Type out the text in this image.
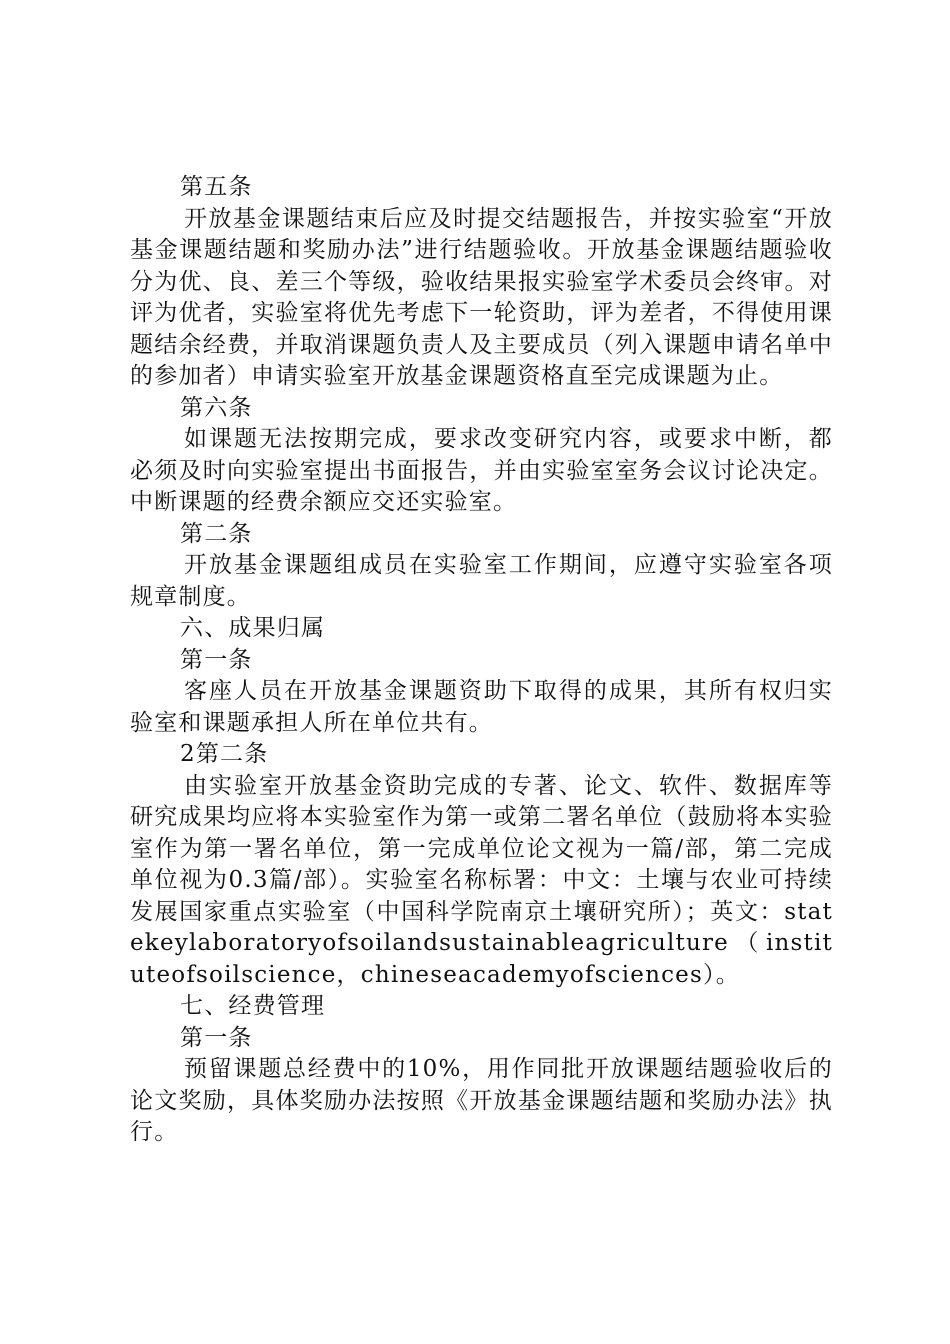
第五条

开放基金课题结束后应及时提交结题报告，并按实验室“开放基金课题结题和奖励办法”进行结题验收。开放基金课题结题验收分为优、良、差三个等级，验收结果报实验室学术委员会终审。对评为优者，实验室将优先考虑下一轮资助，评为差者，不得使用课题结余经费，并取消课题负责人及主要成员（列入课题申请名单中的参加者）申请实验室开放基金课题资格直至完成课题为止。

第六条

如课题无法按期完成，要求改变研究内容，或要求中断，都必须及时向实验室提出书面报告，并由实验室室务会议讨论决定。中断课题的经费余额应交还实验室。

第二条

开放基金课题组成员在实验室工作期间，应遵守实验室各项规章制度。

六、成果归属

第一条

客座人员在开放基金课题资助下取得的成果，其所有权归实验室和课题承担人所在单位共有。

2第二条

由实验室开放基金资助完成的专著、论文、软件、数据库等研究成果均应将本实验室作为第一或第二署名单位（鼓励将本实验室作为第一署名单位，第一完成单位论文视为一篇/部，第二完成单位视为0.3篇/部）。实验室名称标署：中文：土壤与农业可持续发展国家重点实验室（中国科学院南京土壤研究所）；英文：statekeylaboratoryofsoilandsustainableagriculture（instituteofsoilscience，chineseacademyofsciences）。

七、经费管理

第一条

预留课题总经费中的10%，用作同批开放课题结题验收后的论文奖励，具体奖励办法按照《开放基金课题结题和奖励办法》执行。
